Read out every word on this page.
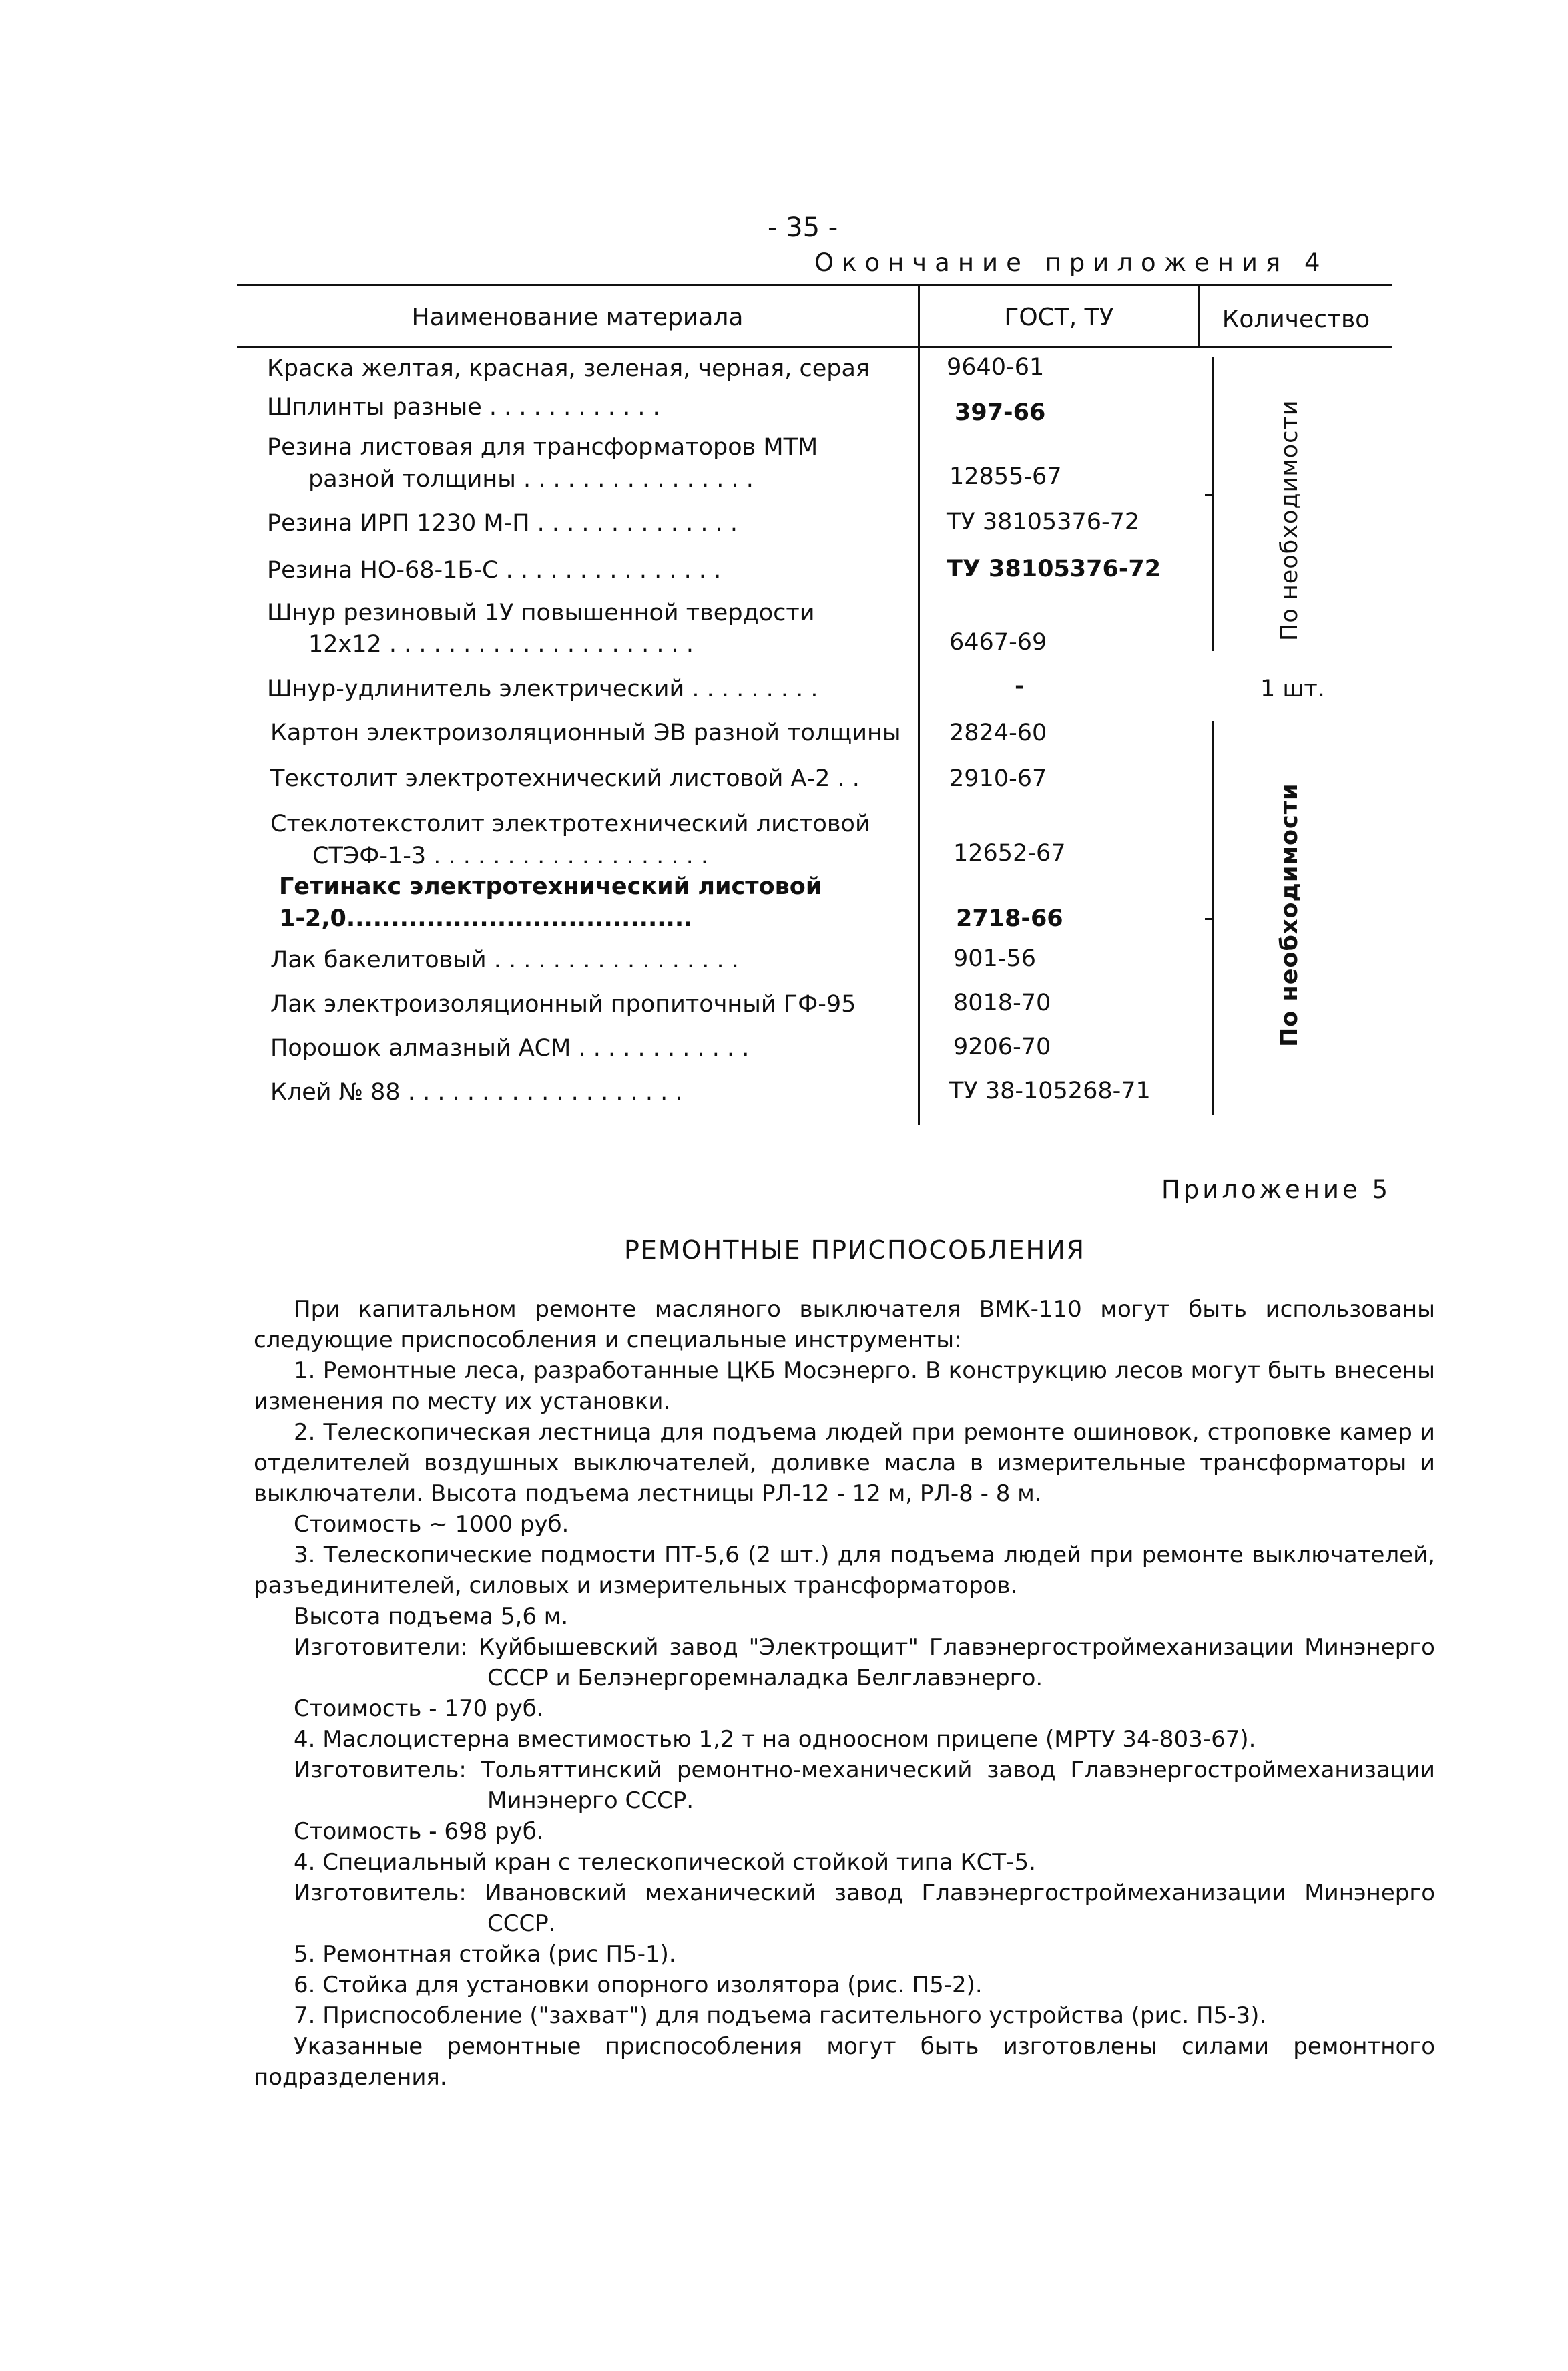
- 35 -
Окончание приложения 4
Наименование материала	ГОСТ, ТУ	Количество
Краска желтая, красная, зеленая, черная, серая	9640-61
Шплинты разные . . . . . . . . . . . .	397-66
Резина листовая для трансформаторов МТМ
разной толщины . . . . . . . . . . . . . . . .	12855-67
Резина ИРП 1230 М-П . . . . . . . . . . . . . .	ТУ 38105376-72
Резина НО-68-1Б-С . . . . . . . . . . . . . . .	ТУ 38105376-72
Шнур резиновый 1У повышенной твердости
12х12 . . . . . . . . . . . . . . . . . . . . .	6467-69
Шнур-удлинитель электрический . . . . . . . . .	-	1 шт.
Картон электроизоляционный ЭВ разной толщины 2824-60
Текстолит электротехнический листовой А-2 . .	2910-67
Стеклотекстолит электротехнический листовой
СТЭФ-1-3 . . . . . . . . . . . . . . . . . . .	12652-67
Гетинакс электротехнический листовой
1-2,0.......................................	2718-66
Лак бакелитовый . . . . . . . . . . . . . . . . .	901-56
Лак электроизоляционный пропиточный ГФ-95	8018-70
Порошок алмазный АСМ . . . . . . . . . . . .	9206-70
Клей № 88 . . . . . . . . . . . . . . . . . . .	ТУ 38-105268-71
По необходимости
По необходимости
Приложение 5
РЕМОНТНЫЕ ПРИСПОСОБЛЕНИЯ

При капитальном ремонте масляного выключателя ВМК-110 могут быть использованы следующие приспособления и специальные инструменты:

1. Ремонтные леса, разработанные ЦКБ Мосэнерго. В конструкцию лесов могут быть внесены изменения по месту их установки.

2. Телескопическая лестница для подъема людей при ремонте ошиновок, строповке камер и отделителей воздушных выключателей, доливке масла в измерительные трансформаторы и выключатели. Высота подъема лестницы РЛ-12 - 12 м, РЛ-8 - 8 м.

Стоимость ~ 1000 руб.

3. Телескопические подмости ПТ-5,6 (2 шт.) для подъема людей при ремонте выключателей, разъединителей, силовых и измерительных трансформаторов.

Высота подъема 5,6 м.

Изготовители: Куйбышевский завод "Электрощит" Главэнергостроймеханизации Минэнерго СССР и Белэнергоремналадка Белглавэнерго.

Стоимость - 170 руб.

4. Маслоцистерна вместимостью 1,2 т на одноосном прицепе (МРТУ 34-803-67).

Изготовитель: Тольяттинский ремонтно-механический завод Главэнергостроймеханизации Минэнерго СССР.

Стоимость - 698 руб.

4. Специальный кран с телескопической стойкой типа КСТ-5.

Изготовитель: Ивановский механический завод Главэнергостроймеханизации Минэнерго СССР.

5. Ремонтная стойка (рис П5-1).

6. Стойка для установки опорного изолятора (рис. П5-2).

7. Приспособление ("захват") для подъема гасительного устройства (рис. П5-3).

Указанные ремонтные приспособления могут быть изготовлены силами ремонтного подразделения.
